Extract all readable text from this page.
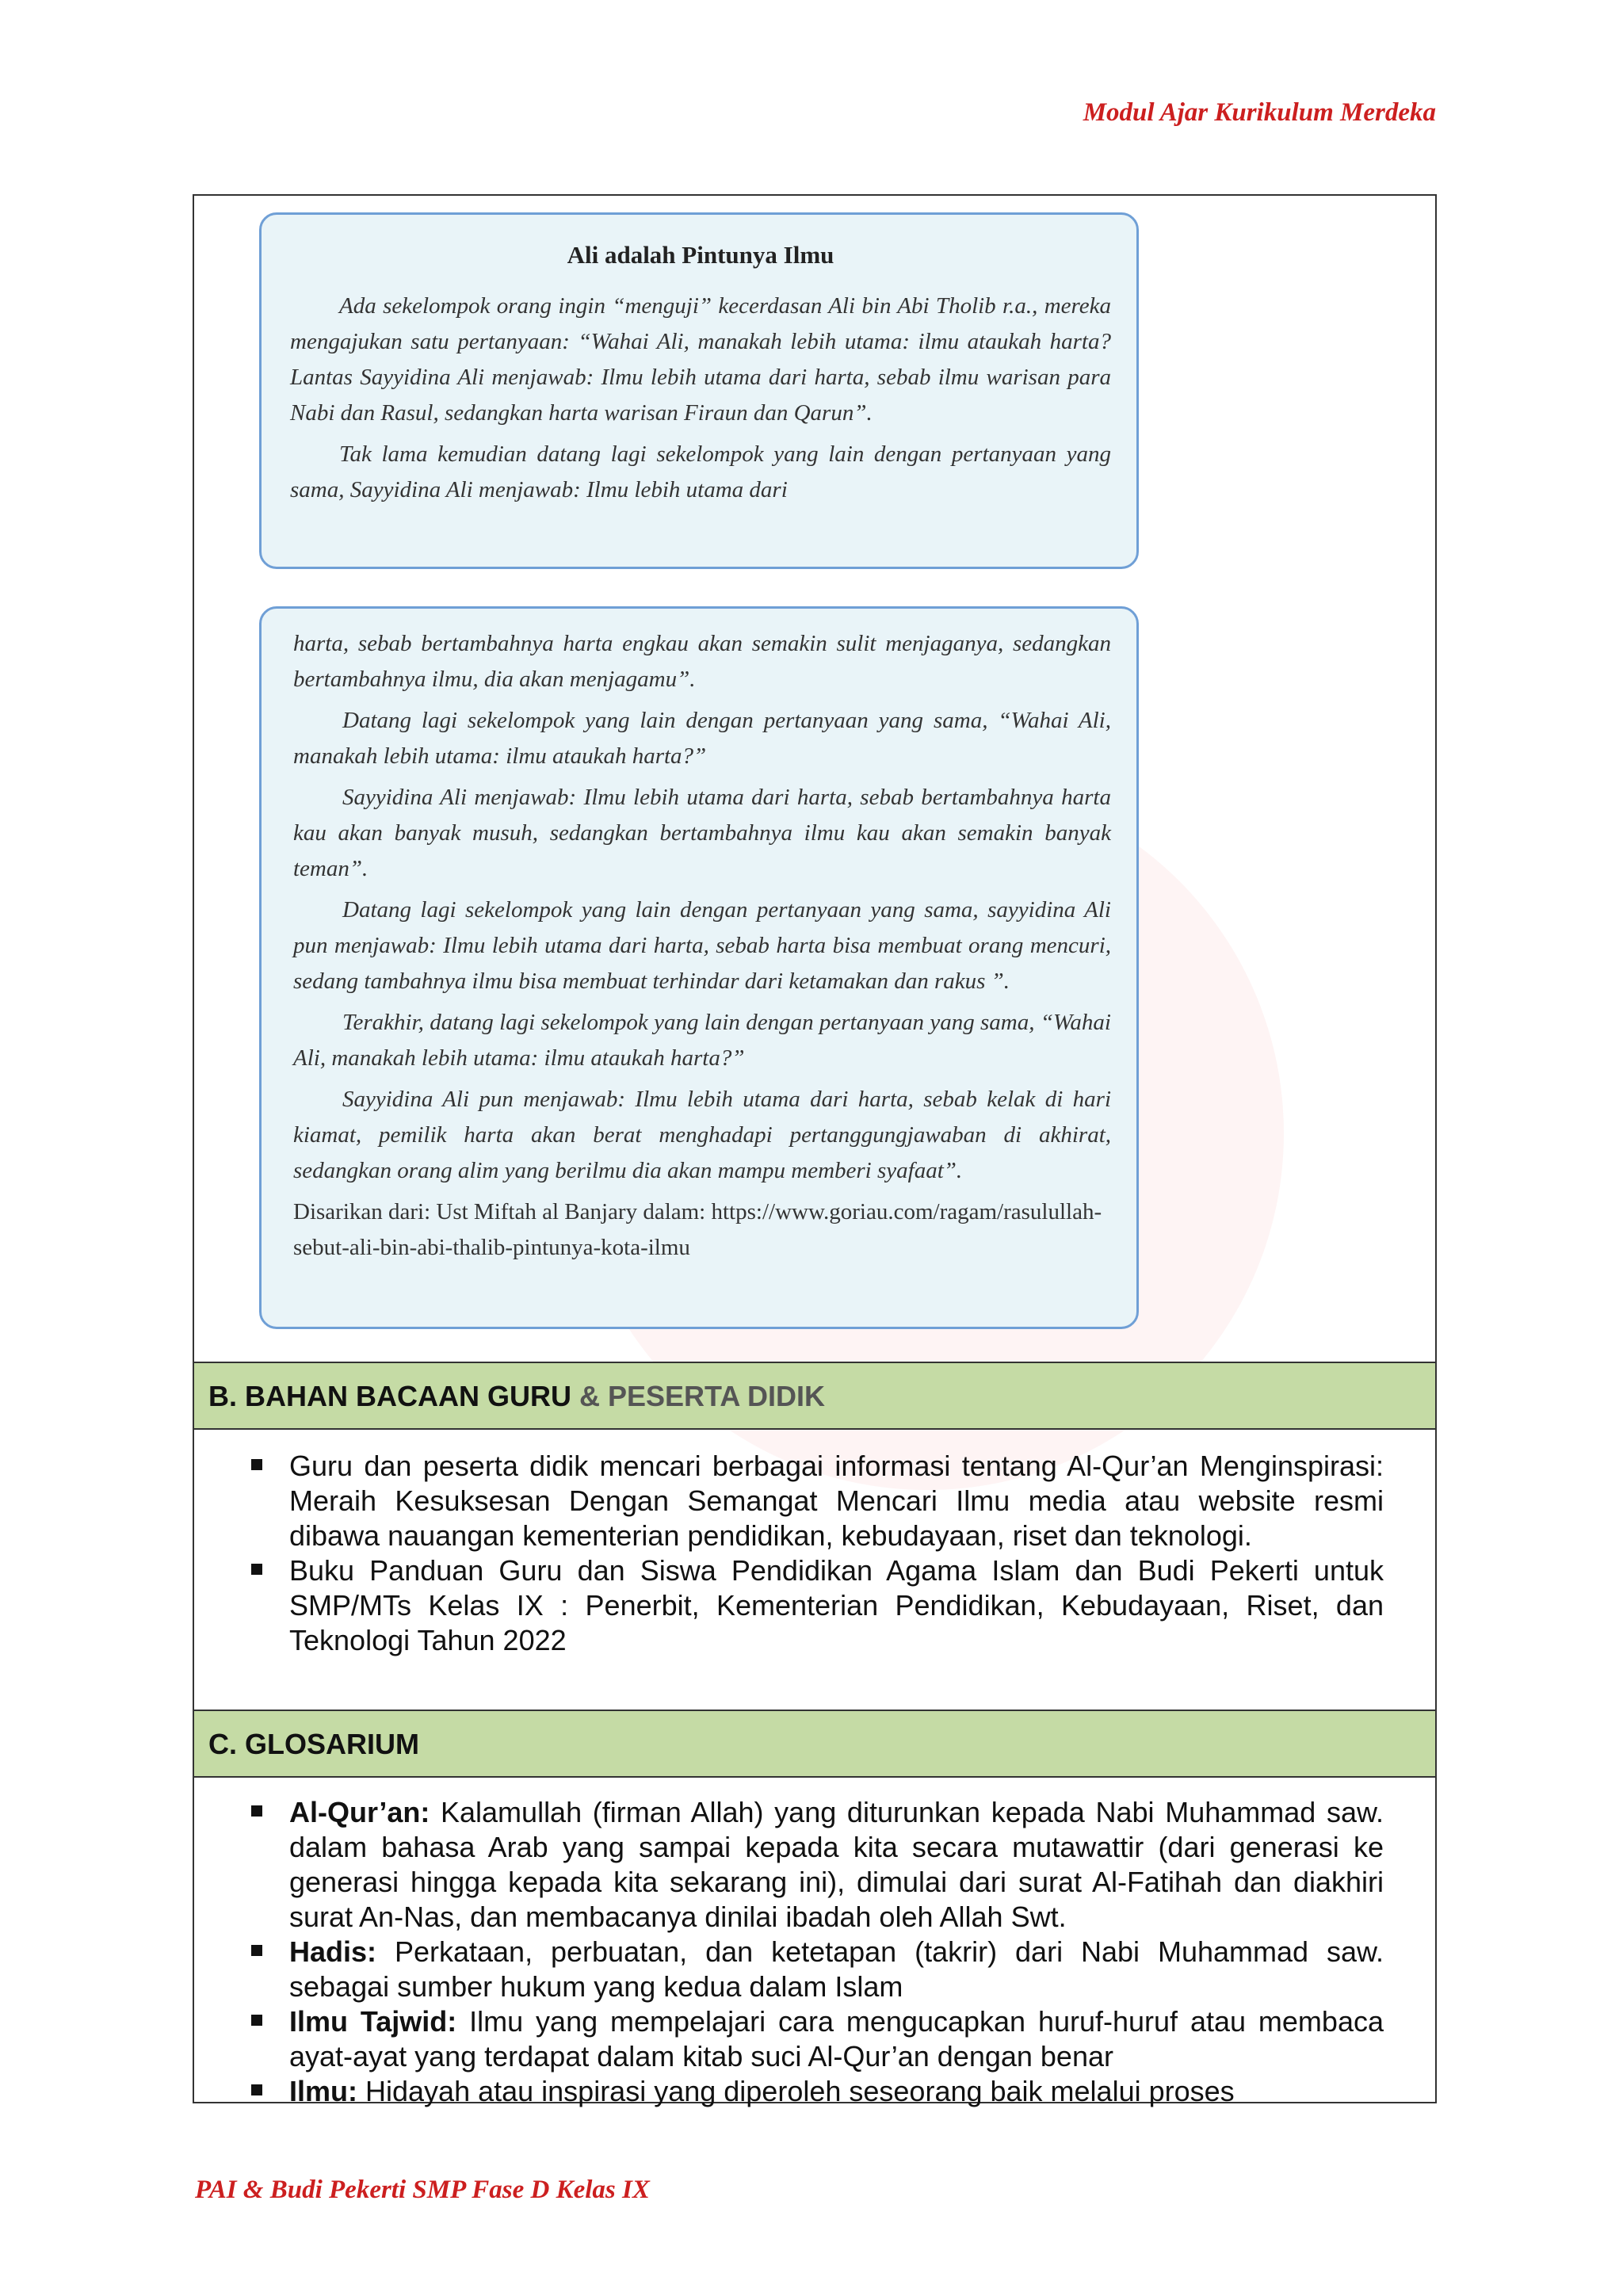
Modul Ajar Kurikulum Merdeka
Ali adalah Pintunya Ilmu

Ada sekelompok orang ingin “menguji” kecerdasan Ali bin Abi Tholib r.a., mereka mengajukan satu pertanyaan: “Wahai Ali, manakah lebih utama: ilmu ataukah harta? Lantas Sayyidina Ali menjawab: Ilmu lebih utama dari harta, sebab ilmu warisan para Nabi dan Rasul, sedangkan harta warisan Firaun dan Qarun”.

Tak lama kemudian datang lagi sekelompok yang lain dengan pertanyaan yang sama, Sayyidina Ali menjawab: Ilmu lebih utama dari

harta, sebab bertambahnya harta engkau akan semakin sulit menjaganya, sedangkan bertambahnya ilmu, dia akan menjagamu”.

Datang lagi sekelompok yang lain dengan pertanyaan yang sama, “Wahai Ali, manakah lebih utama: ilmu ataukah harta?”

Sayyidina Ali menjawab: Ilmu lebih utama dari harta, sebab bertambahnya harta kau akan banyak musuh, sedangkan bertambahnya ilmu kau akan semakin banyak teman”.

Datang lagi sekelompok yang lain dengan pertanyaan yang sama, sayyidina Ali pun menjawab: Ilmu lebih utama dari harta, sebab harta bisa membuat orang mencuri, sedang tambahnya ilmu bisa membuat terhindar dari ketamakan dan rakus ”.

Terakhir, datang lagi sekelompok yang lain dengan pertanyaan yang sama, “Wahai Ali, manakah lebih utama: ilmu ataukah harta?”

Sayyidina Ali pun menjawab: Ilmu lebih utama dari harta, sebab kelak di hari kiamat, pemilik harta akan berat menghadapi pertanggungjawaban di akhirat, sedangkan orang alim yang berilmu dia akan mampu memberi syafaat”.

Disarikan dari: Ust Miftah al Banjary dalam: https://www.goriau.com/ragam/rasulullah-sebut-ali-bin-abi-thalib-pintunya-kota-ilmu

B. BAHAN BACAAN GURU & PESERTA DIDIK
Guru dan peserta didik mencari berbagai informasi tentang Al-Qur’an Menginspirasi: Meraih Kesuksesan Dengan Semangat Mencari Ilmu media atau website resmi dibawa nauangan kementerian pendidikan, kebudayaan, riset dan teknologi.
Buku Panduan Guru dan Siswa Pendidikan Agama Islam dan Budi Pekerti untuk SMP/MTs Kelas IX : Penerbit, Kementerian Pendidikan, Kebudayaan, Riset, dan Teknologi Tahun 2022
C. GLOSARIUM
Al-Qur’an: Kalamullah (firman Allah) yang diturunkan kepada Nabi Muhammad saw. dalam bahasa Arab yang sampai kepada kita secara mutawattir (dari generasi ke generasi hingga kepada kita sekarang ini), dimulai dari surat Al-Fatihah dan diakhiri surat An-Nas, dan membacanya dinilai ibadah oleh Allah Swt.
Hadis: Perkataan, perbuatan, dan ketetapan (takrir) dari Nabi Muhammad saw. sebagai sumber hukum yang kedua dalam Islam
Ilmu Tajwid: Ilmu yang mempelajari cara mengucapkan huruf-huruf atau membaca ayat-ayat yang terdapat dalam kitab suci Al-Qur’an dengan benar
Ilmu: Hidayah atau inspirasi yang diperoleh seseorang baik melalui proses
PAI & Budi Pekerti SMP Fase D Kelas IX
